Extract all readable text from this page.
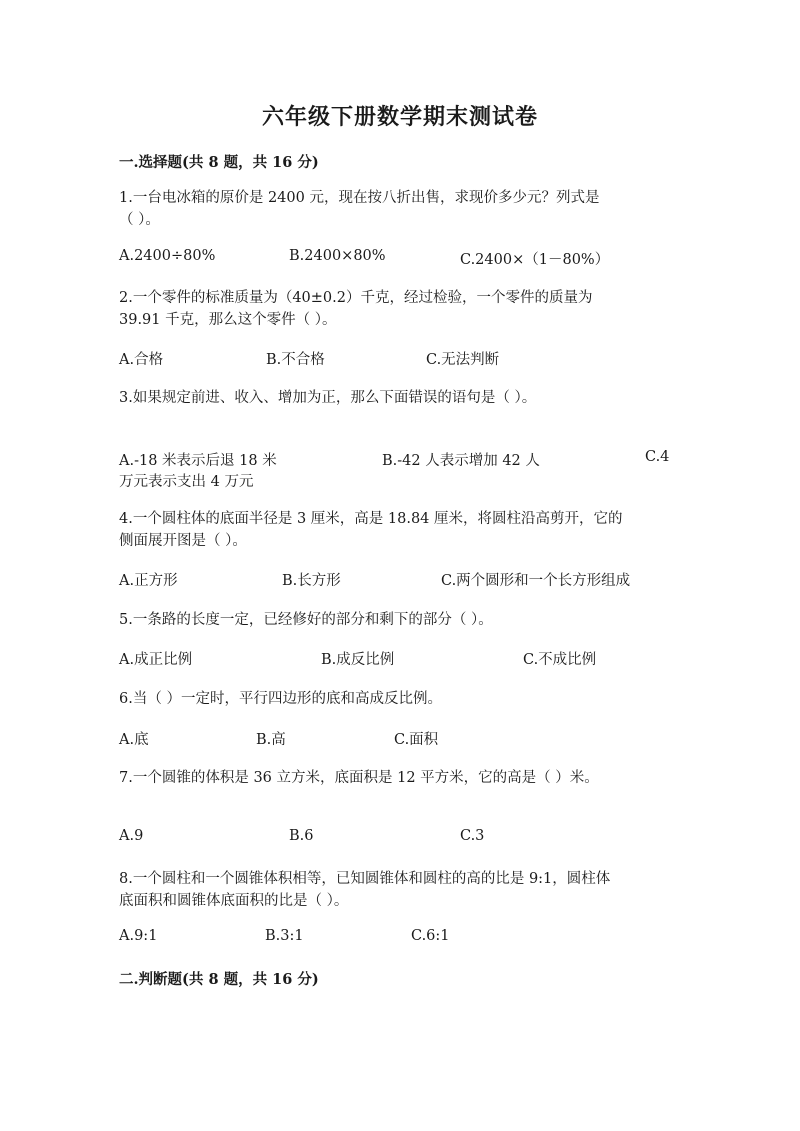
六年级下册数学期末测试卷

一.选择题(共 8 题，共 16 分)

1.一台电冰箱的原价是 2400 元，现在按八折出售，求现价多少元？列式是
（ ）。

A.2400÷80%	B.2400×80%	C.2400×（1－80%）

2.一个零件的标准质量为（40±0.2）千克，经过检验，一个零件的质量为
39.91 千克，那么这个零件（ ）。

A.合格	B.不合格	C.无法判断

3.如果规定前进、收入、增加为正，那么下面错误的语句是（ ）。

A.-18 米表示后退 18 米	B.-42 人表示增加 42 人	C.4
万元表示支出 4 万元

4.一个圆柱体的底面半径是 3 厘米，高是 18.84 厘米，将圆柱沿高剪开，它的
侧面展开图是（ ）。

A.正方形	B.长方形	C.两个圆形和一个长方形组成

5.一条路的长度一定，已经修好的部分和剩下的部分（ ）。

A.成正比例	B.成反比例	C.不成比例

6.当（ ）一定时，平行四边形的底和高成反比例。

A.底	B.高	C.面积

7.一个圆锥的体积是 36 立方米，底面积是 12 平方米，它的高是（ ）米。

A.9	B.6	C.3

8.一个圆柱和一个圆锥体积相等，已知圆锥体和圆柱的高的比是 9:1，圆柱体
底面积和圆锥体底面积的比是（ ）。

A.9:1	B.3:1	C.6:1

二.判断题(共 8 题，共 16 分)
